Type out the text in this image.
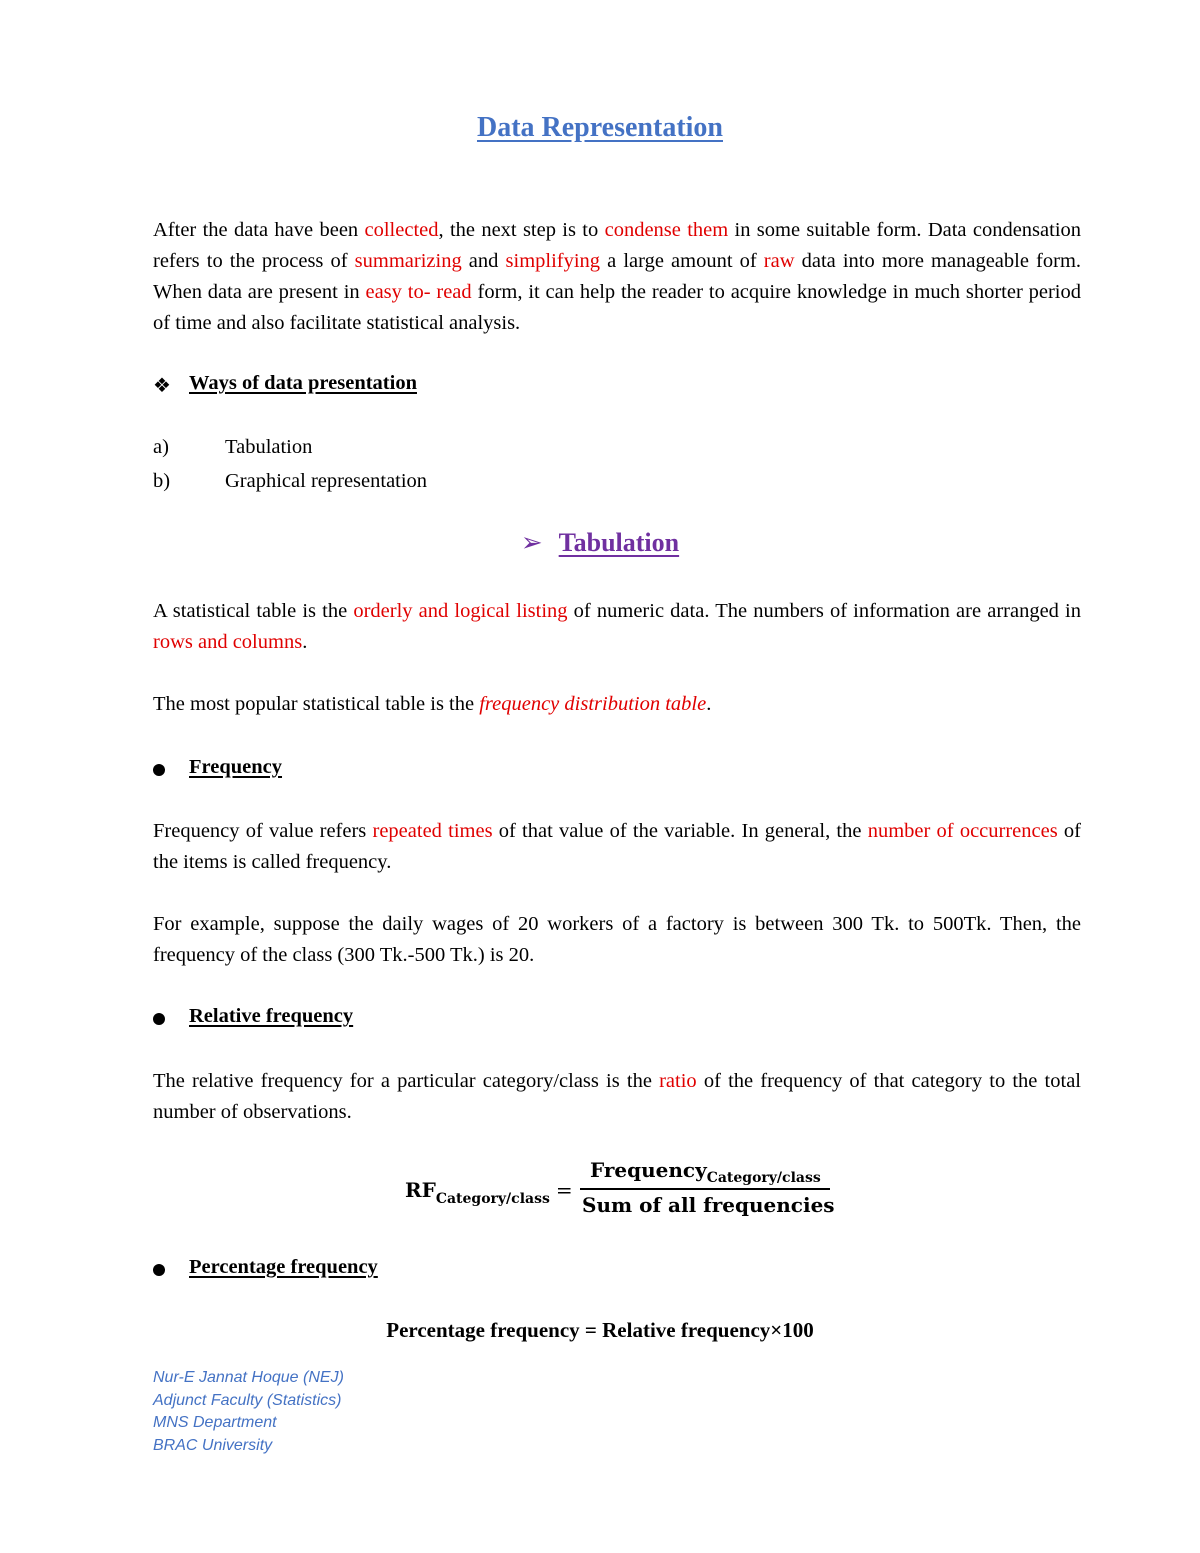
Data Representation
After the data have been collected, the next step is to condense them in some suitable form. Data condensation refers to the process of summarizing and simplifying a large amount of raw data into more manageable form. When data are present in easy to- read form, it can help the reader to acquire knowledge in much shorter period of time and also facilitate statistical analysis.
❖ Ways of data presentation
a)	Tabulation
b)	Graphical representation
➢ Tabulation
A statistical table is the orderly and logical listing of numeric data. The numbers of information are arranged in rows and columns.
The most popular statistical table is the frequency distribution table.
Frequency
Frequency of value refers repeated times of that value of the variable. In general, the number of occurrences of the items is called frequency.
For example, suppose the daily wages of 20 workers of a factory is between 300 Tk. to 500Tk. Then, the frequency of the class (300 Tk.-500 Tk.) is 20.
Relative frequency
The relative frequency for a particular category/class is the ratio of the frequency of that category to the total number of observations.
$RF_{Category/class}$ =
Frequency$_{Category/class}$
Sum of all frequencies
Percentage frequency
Percentage frequency = Relative frequency×100
Nur-E Jannat Hoque (NEJ)
Adjunct Faculty (Statistics)
MNS Department
BRAC University
